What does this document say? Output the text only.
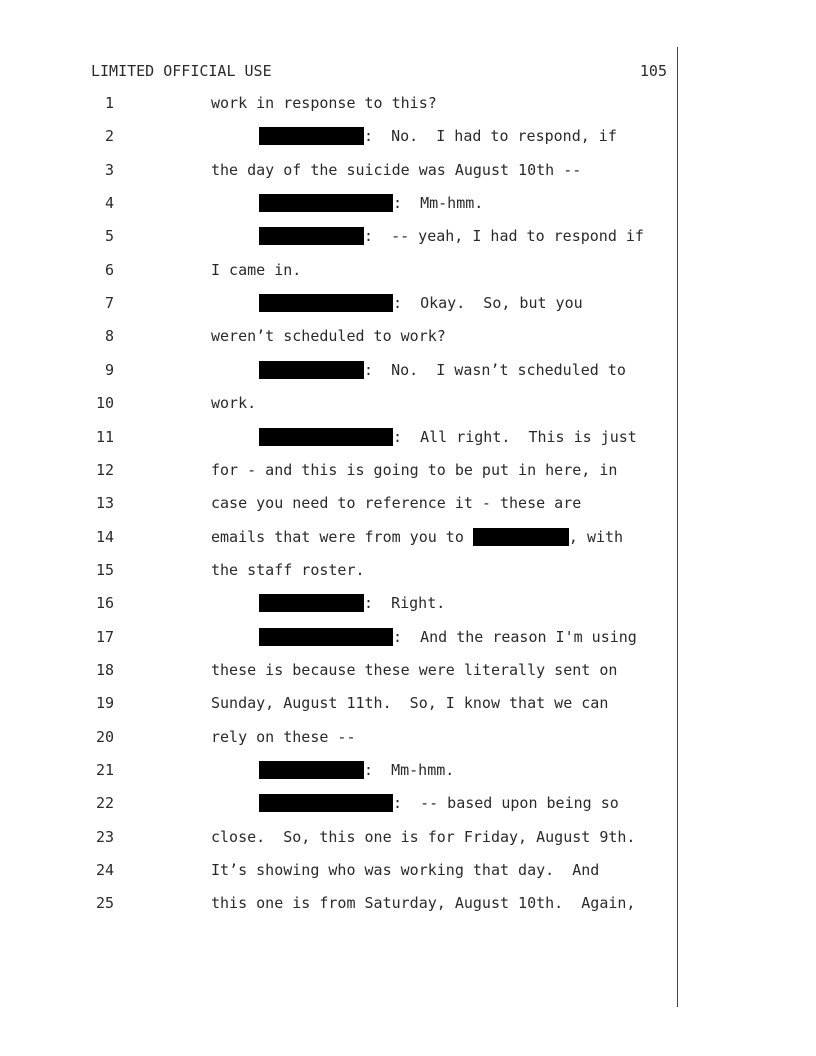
LIMITED OFFICIAL USE	105
1	work in response to this?
2	:  No.  I had to respond, if
3	the day of the suicide was August 10th --
4	:  Mm-hmm.
5	:  -- yeah, I had to respond if
6	I came in.
7	:  Okay.  So, but you
8	weren’t scheduled to work?
9	:  No.  I wasn’t scheduled to
10	work.
11	:  All right.  This is just
12	for - and this is going to be put in here, in
13	case you need to reference it - these are
14	emails that were from you to	, with
15	the staff roster.
16	:  Right.
17	:  And the reason I'm using
18	these is because these were literally sent on
19	Sunday, August 11th.  So, I know that we can
20	rely on these --
21	:  Mm-hmm.
22	:  -- based upon being so
23	close.  So, this one is for Friday, August 9th.
24	It’s showing who was working that day.  And
25	this one is from Saturday, August 10th.  Again,
